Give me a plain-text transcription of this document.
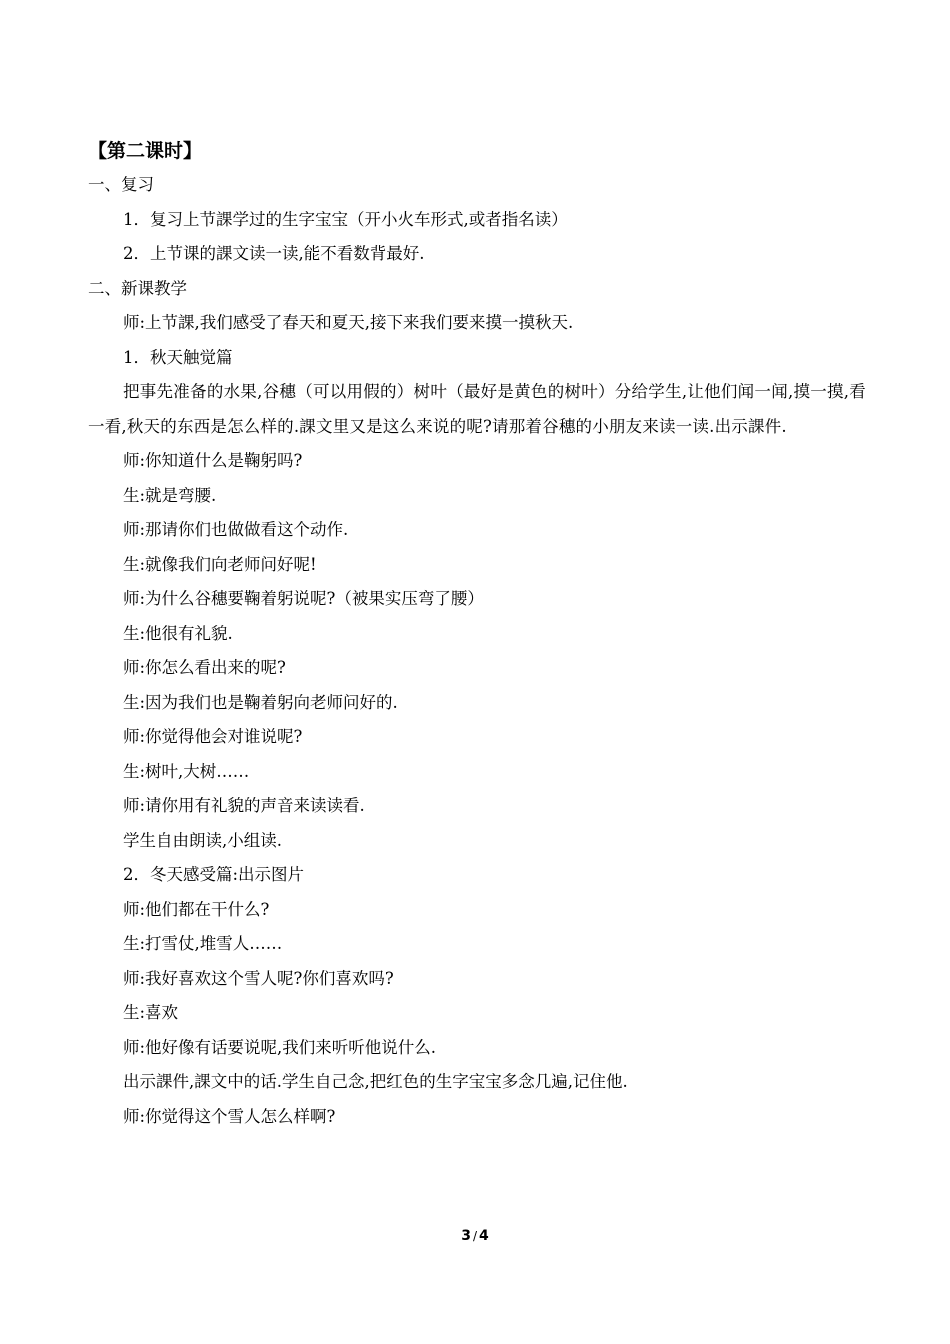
【第二课时】

一、复习

1．复习上节課学过的生字宝宝（开小火车形式,或者指名读）

2．上节课的課文读一读,能不看数背最好.

二、新课教学

师:上节課,我们感受了春天和夏天,接下来我们要来摸一摸秋天.

1．秋天触觉篇

把事先准备的水果,谷穗（可以用假的）树叶（最好是黄色的树叶）分给学生,让他们闻一闻,摸一摸,看一看,秋天的东西是怎么样的.課文里又是这么来说的呢?请那着谷穗的小朋友来读一读.出示課件.

师:你知道什么是鞠躬吗?

生:就是弯腰.

师:那请你们也做做看这个动作.

生:就像我们向老师问好呢!

师:为什么谷穗要鞠着躬说呢?（被果实压弯了腰）

生:他很有礼貌.

师:你怎么看出来的呢?

生:因为我们也是鞠着躬向老师问好的.

师:你觉得他会对谁说呢?

生:树叶,大树……

师:请你用有礼貌的声音来读读看.

学生自由朗读,小组读.

2．冬天感受篇:出示图片

师:他们都在干什么?

生:打雪仗,堆雪人……

师:我好喜欢这个雪人呢?你们喜欢吗?

生:喜欢

师:他好像有话要说呢,我们来听听他说什么.

出示課件,課文中的话.学生自己念,把红色的生字宝宝多念几遍,记住他.

师:你觉得这个雪人怎么样啊?

3 / 4
